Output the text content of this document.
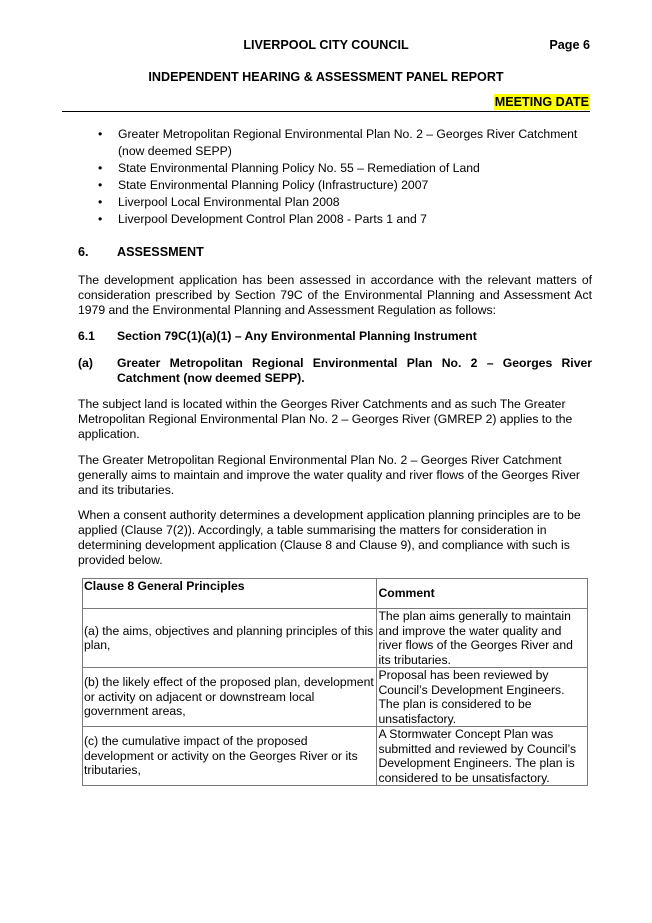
LIVERPOOL CITY COUNCIL	Page 6
INDEPENDENT HEARING & ASSESSMENT PANEL REPORT
MEETING DATE
• Greater Metropolitan Regional Environmental Plan No. 2 – Georges River Catchment (now deemed SEPP)
• State Environmental Planning Policy No. 55 – Remediation of Land
• State Environmental Planning Policy (Infrastructure) 2007
• Liverpool Local Environmental Plan 2008
• Liverpool Development Control Plan 2008 - Parts 1 and 7
6. ASSESSMENT
The development application has been assessed in accordance with the relevant matters of consideration prescribed by Section 79C of the Environmental Planning and Assessment Act 1979 and the Environmental Planning and Assessment Regulation as follows:
6.1 Section 79C(1)(a)(1) – Any Environmental Planning Instrument
(a) Greater Metropolitan Regional Environmental Plan No. 2 – Georges River Catchment (now deemed SEPP).
The subject land is located within the Georges River Catchments and as such The Greater Metropolitan Regional Environmental Plan No. 2 – Georges River (GMREP 2) applies to the application.
The Greater Metropolitan Regional Environmental Plan No. 2 – Georges River Catchment generally aims to maintain and improve the water quality and river flows of the Georges River and its tributaries.
When a consent authority determines a development application planning principles are to be applied (Clause 7(2)). Accordingly, a table summarising the matters for consideration in determining development application (Clause 8 and Clause 9), and compliance with such is provided below.
Clause 8 General Principles	Comment
(a) the aims, objectives and planning principles of this plan,	The plan aims generally to maintain and improve the water quality and river flows of the Georges River and its tributaries.
(b) the likely effect of the proposed plan, development or activity on adjacent or downstream local government areas,	Proposal has been reviewed by Council’s Development Engineers. The plan is considered to be unsatisfactory.
(c) the cumulative impact of the proposed development or activity on the Georges River or its tributaries,	A Stormwater Concept Plan was submitted and reviewed by Council’s Development Engineers. The plan is considered to be unsatisfactory.
